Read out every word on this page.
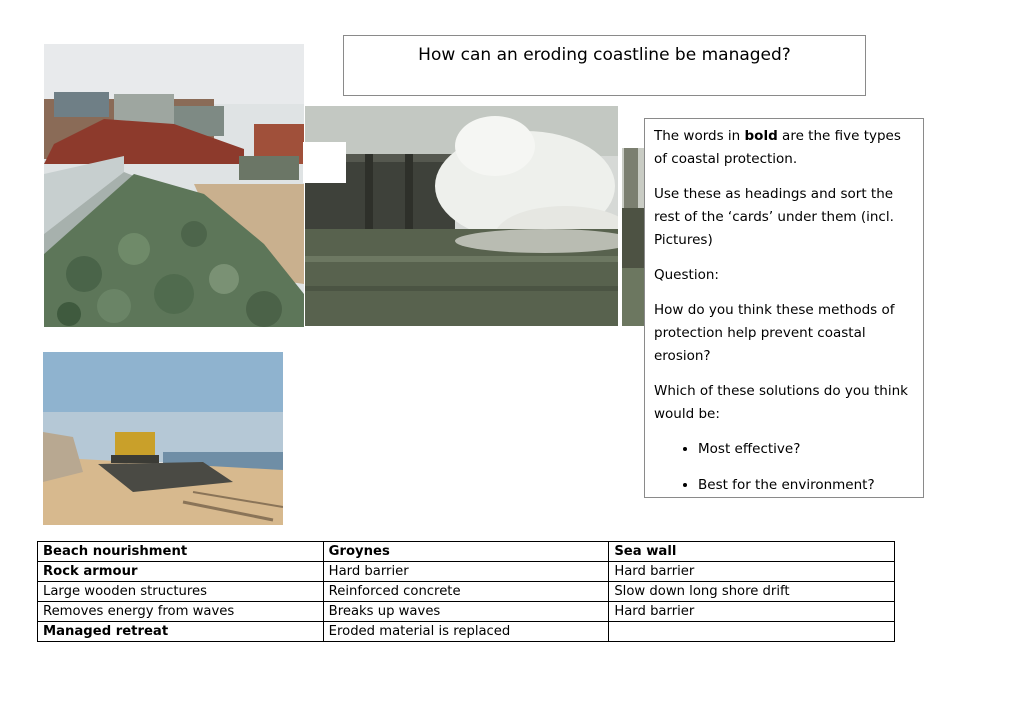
How can an eroding coastline be managed?

The words in bold are the five types of coastal protection.

Use these as headings and sort the rest of the ‘cards’ under them (incl. Pictures)

Question:

How do you think these methods of protection help prevent coastal erosion?

Which of these solutions do you think would be:

• Most effective?
• Best for the environment?
Beach nourishment	Groynes	Sea wall
Rock armour	Hard barrier	Hard barrier
Large wooden structures	Reinforced concrete	Slow down long shore drift
Removes energy from waves	Breaks up waves	Hard barrier
Managed retreat	Eroded material is replaced	
